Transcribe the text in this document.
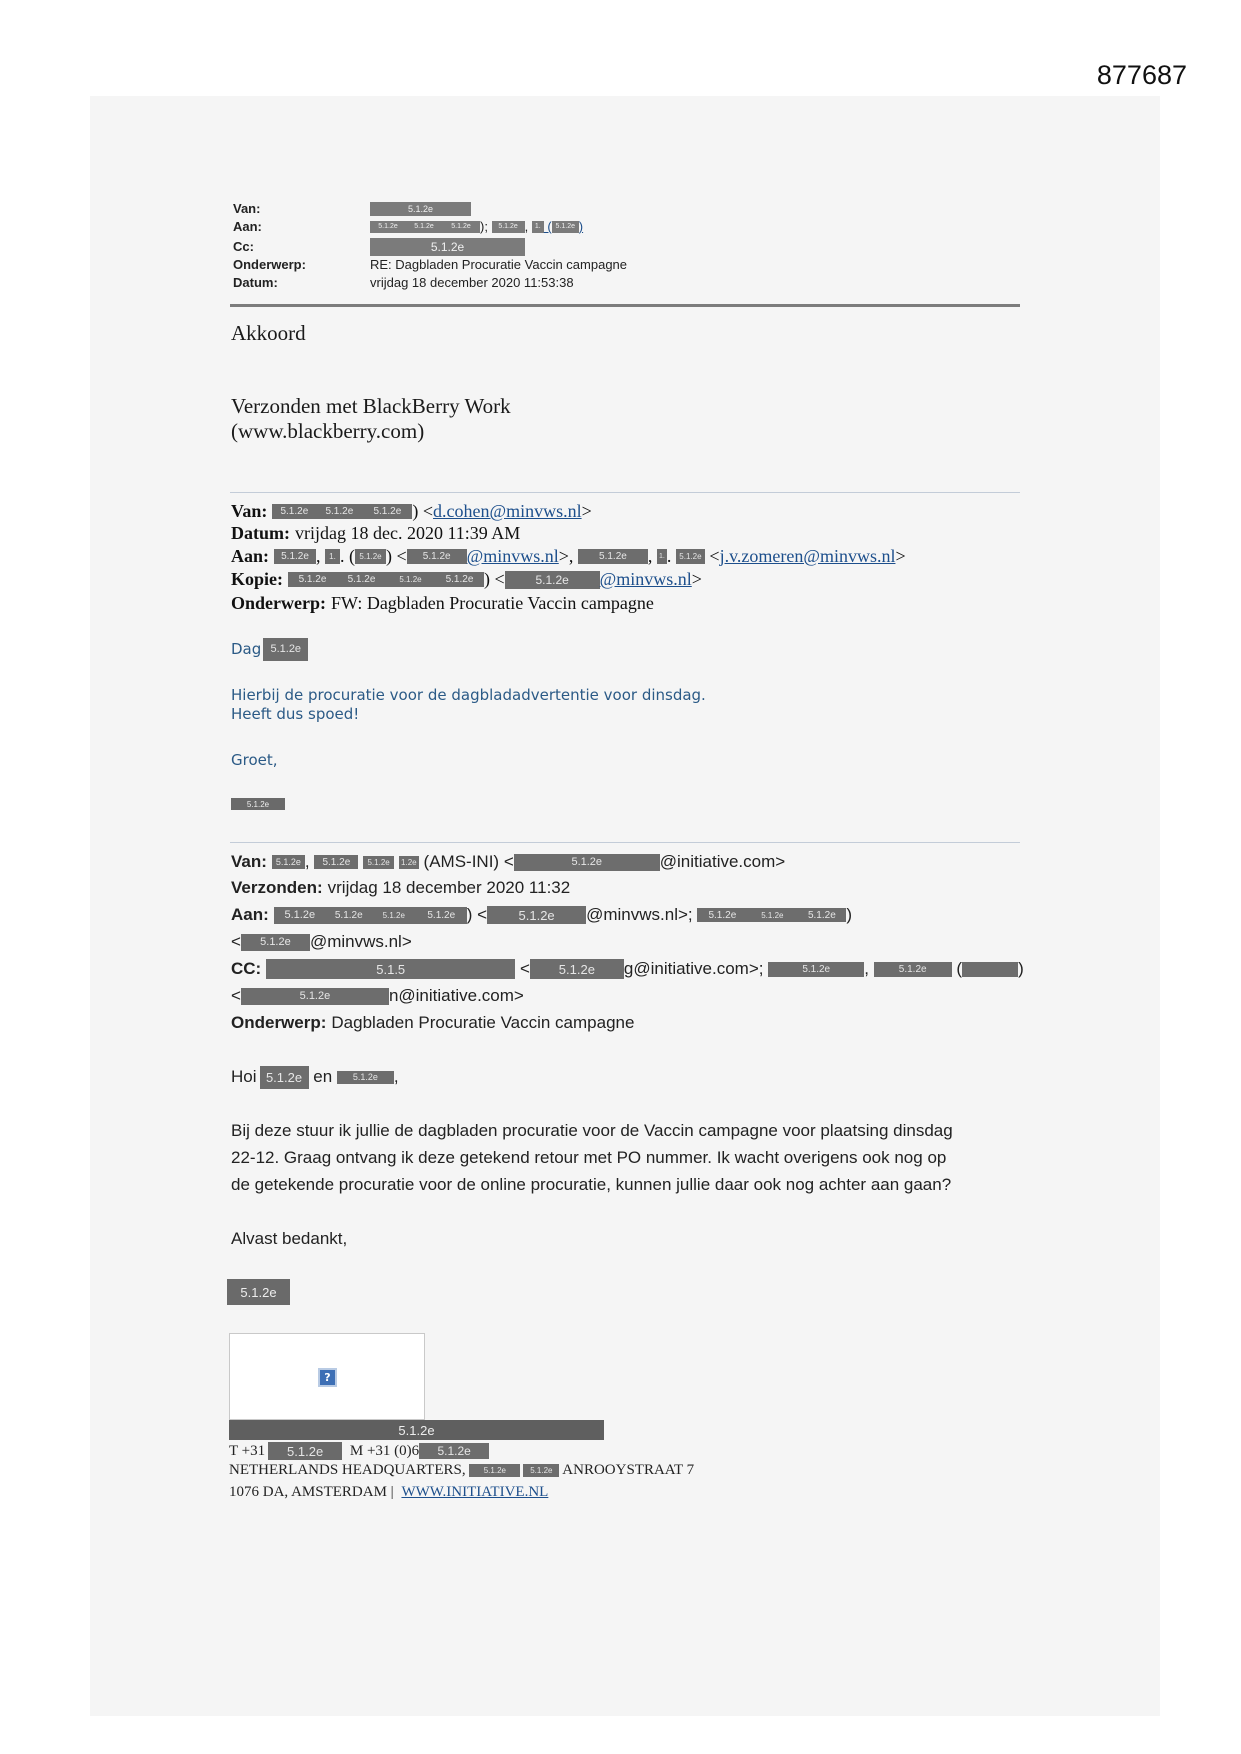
877687
Van:	5.1.2e
Aan:	5.1.2e	5.1.2e	5.1.2e ); 5.1.2e , 1. ( 5.1.2e )
Cc:	5.1.2e
Onderwerp:	RE: Dagbladen Procuratie Vaccin campagne
Datum:	vrijdag 18 december 2020 11:53:38
Akkoord
Verzonden met BlackBerry Work
(www.blackberry.com)
Van:	5.1.2e	5.1.2e	5.1.2e ) < d.cohen@minvws.nl >
Datum: vrijdag 18 dec. 2020 11:39 AM
Aan:	5.1.2e , 1. . ( 5.1.2e ) <	5.1.2e @minvws.nl >,	5.1.2e	, 1. . 5.1.2e < j.v.zomeren@minvws.nl >
Kopie:	5.1.2e	5.1.2e	5.1.2e	5.1.2e ) <	5.1.2e	@minvws.nl >
Onderwerp: FW: Dagbladen Procuratie Vaccin campagne
Dag 5.1.2e
Hierbij de procuratie voor de dagbladadvertentie voor dinsdag.
Heeft dus spoed!
Groet,
5.1.2e
Van: 5.1.2e , 5.1.2e
	5.1.2e
	1.2e (AMS-INI) <	5.1.2e	@initiative.com>
Verzonden: vrijdag 18 december 2020 11:32
Aan:	5.1.2e	5.1.2e	5.1.2e	5.1.2e ) <	5.1.2e	@minvws.nl>;	5.1.2e	5.1.2e	5.1.2e )
<	5.1.2e	@minvws.nl>
CC:	5.1.5	<	5.1.2e	g@initiative.com>;	5.1.2e	,	5.1.2e	(	)
<	5.1.2e	n@initiative.com>
Onderwerp: Dagbladen Procuratie Vaccin campagne
Hoi 5.1.2e en	5.1.2e ,
Bij deze stuur ik jullie de dagbladen procuratie voor de Vaccin campagne voor plaatsing dinsdag
22-12. Graag ontvang ik deze getekend retour met PO nummer. Ik wacht overigens ook nog op
de getekende procuratie voor de online procuratie, kunnen jullie daar ook nog achter aan gaan?
Alvast bedankt,
5.1.2e
?
5.1.2e
T +31	5.1.2e	M +31 (0)6	5.1.2e
NETHERLANDS HEADQUARTERS,	5.1.2e	5.1.2e ANROOYSTRAAT 7
1076 DA, AMSTERDAM | WWW.INITIATIVE.NL
